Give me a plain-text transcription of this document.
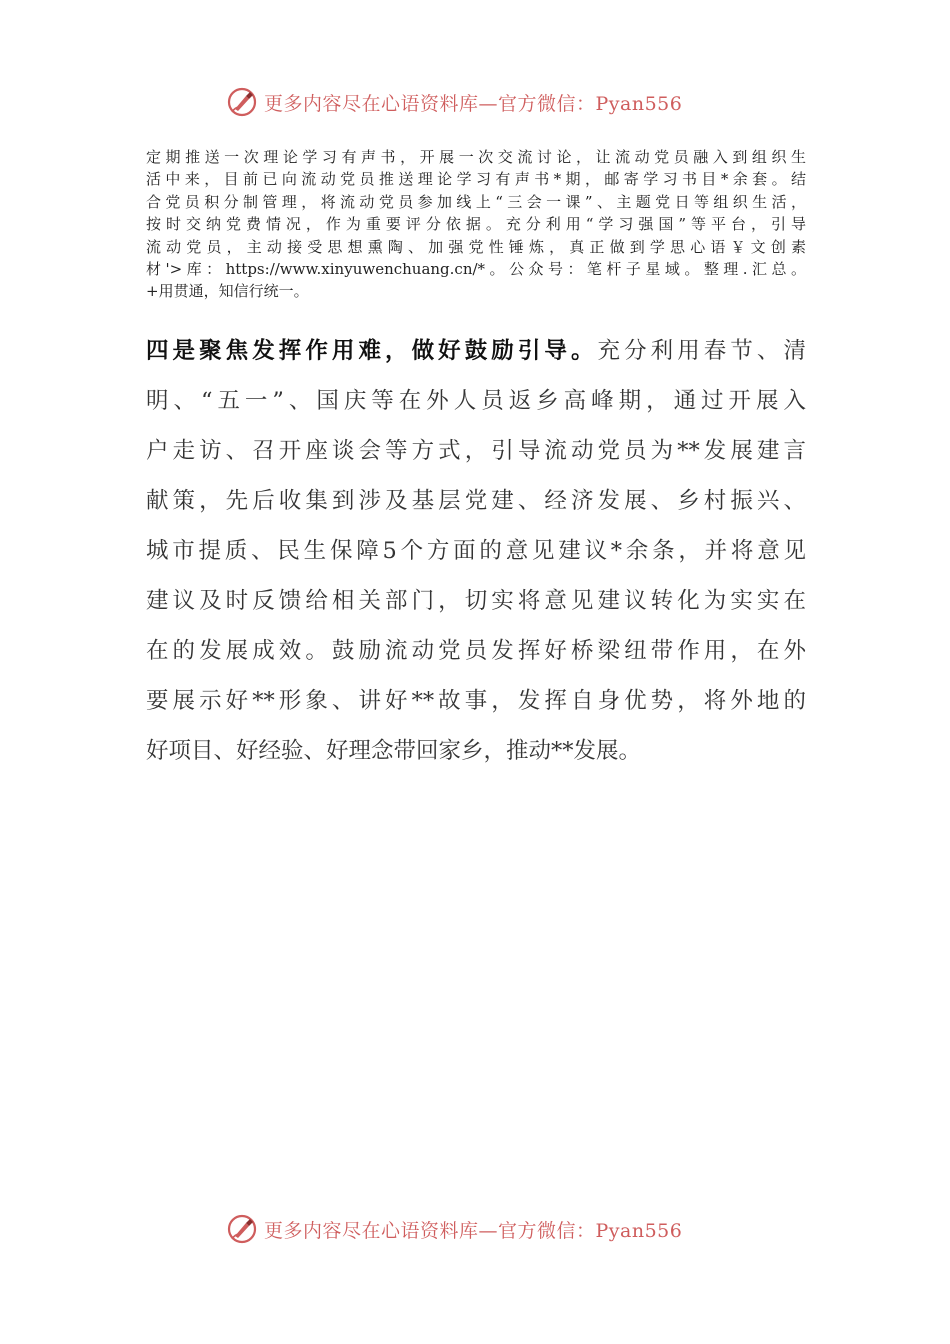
更多内容尽在心语资料库—官方微信：Pyan556
定期推送一次理论学习有声书，开展一次交流讨论，让流动党员融入到组织生
活中来，目前已向流动党员推送理论学习有声书*期，邮寄学习书目*余套。结
合党员积分制管理，将流动党员参加线上“三会一课”、主题党日等组织生活，
按时交纳党费情况，作为重要评分依据。充分利用“学习强国”等平台，引导
流动党员，主动接受思想熏陶、加强党性锤炼，真正做到学思心语￥文创素
材'>库：https://www.xinyuwenchuang.cn/*。公众号：笔杆子星域。整理.汇总。
+用贯通，知信行统一。
四是聚焦发挥作用难，做好鼓励引导。充分利用春节、清
明、“五一”、国庆等在外人员返乡高峰期，通过开展入
户走访、召开座谈会等方式，引导流动党员为**发展建言
献策，先后收集到涉及基层党建、经济发展、乡村振兴、
城市提质、民生保障5个方面的意见建议*余条，并将意见
建议及时反馈给相关部门，切实将意见建议转化为实实在
在的发展成效。鼓励流动党员发挥好桥梁纽带作用，在外
要展示好**形象、讲好**故事，发挥自身优势，将外地的
好项目、好经验、好理念带回家乡，推动**发展。
更多内容尽在心语资料库—官方微信：Pyan556
